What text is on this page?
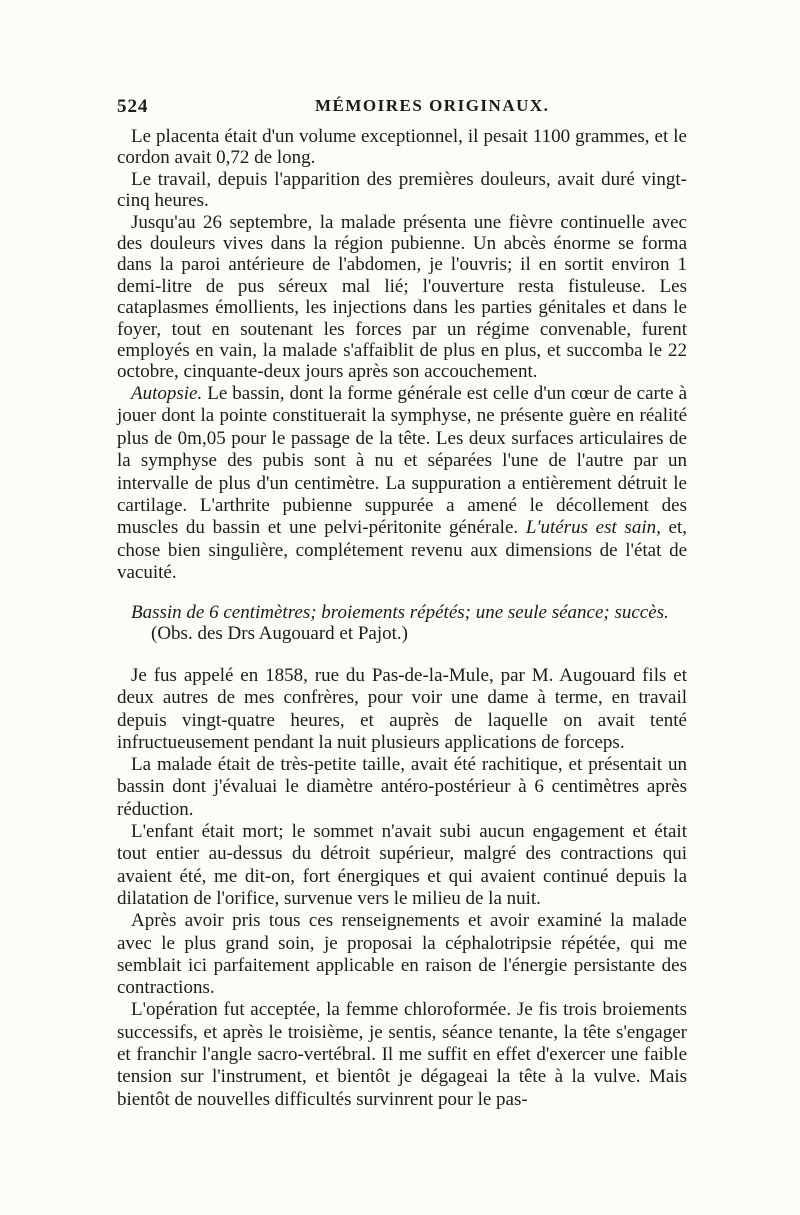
524	MÉMOIRES ORIGINAUX.

Le placenta était d'un volume exceptionnel, il pesait 1100 grammes, et le cordon avait 0,72 de long.

Le travail, depuis l'apparition des premières douleurs, avait duré vingt-cinq heures.

Jusqu'au 26 septembre, la malade présenta une fièvre continuelle avec des douleurs vives dans la région pubienne. Un abcès énorme se forma dans la paroi antérieure de l'abdomen, je l'ouvris; il en sortit environ 1 demi-litre de pus séreux mal lié; l'ouverture resta fistuleuse. Les cataplasmes émollients, les injections dans les parties génitales et dans le foyer, tout en soutenant les forces par un régime convenable, furent employés en vain, la malade s'affaiblit de plus en plus, et succomba le 22 octobre, cinquante-deux jours après son accouchement.

Autopsie. Le bassin, dont la forme générale est celle d'un cœur de carte à jouer dont la pointe constituerait la symphyse, ne présente guère en réalité plus de 0m,05 pour le passage de la tête. Les deux surfaces articulaires de la symphyse des pubis sont à nu et séparées l'une de l'autre par un intervalle de plus d'un centimètre. La suppuration a entièrement détruit le cartilage. L'arthrite pubienne suppurée a amené le décollement des muscles du bassin et une pelvi-péritonite générale. L'utérus est sain, et, chose bien singulière, complétement revenu aux dimensions de l'état de vacuité.

Bassin de 6 centimètres; broiements répétés; une seule séance; succès.

(Obs. des Drs Augouard et Pajot.)

Je fus appelé en 1858, rue du Pas-de-la-Mule, par M. Augouard fils et deux autres de mes confrères, pour voir une dame à terme, en travail depuis vingt-quatre heures, et auprès de laquelle on avait tenté infructueusement pendant la nuit plusieurs applications de forceps.

La malade était de très-petite taille, avait été rachitique, et présentait un bassin dont j'évaluai le diamètre antéro-postérieur à 6 centimètres après réduction.

L'enfant était mort; le sommet n'avait subi aucun engagement et était tout entier au-dessus du détroit supérieur, malgré des contractions qui avaient été, me dit-on, fort énergiques et qui avaient continué depuis la dilatation de l'orifice, survenue vers le milieu de la nuit.

Après avoir pris tous ces renseignements et avoir examiné la malade avec le plus grand soin, je proposai la céphalotripsie répétée, qui me semblait ici parfaitement applicable en raison de l'énergie persistante des contractions.

L'opération fut acceptée, la femme chloroformée. Je fis trois broiements successifs, et après le troisième, je sentis, séance tenante, la tête s'engager et franchir l'angle sacro-vertébral. Il me suffit en effet d'exercer une faible tension sur l'instrument, et bientôt je dégageai la tête à la vulve. Mais bientôt de nouvelles difficultés survinrent pour le pas-
